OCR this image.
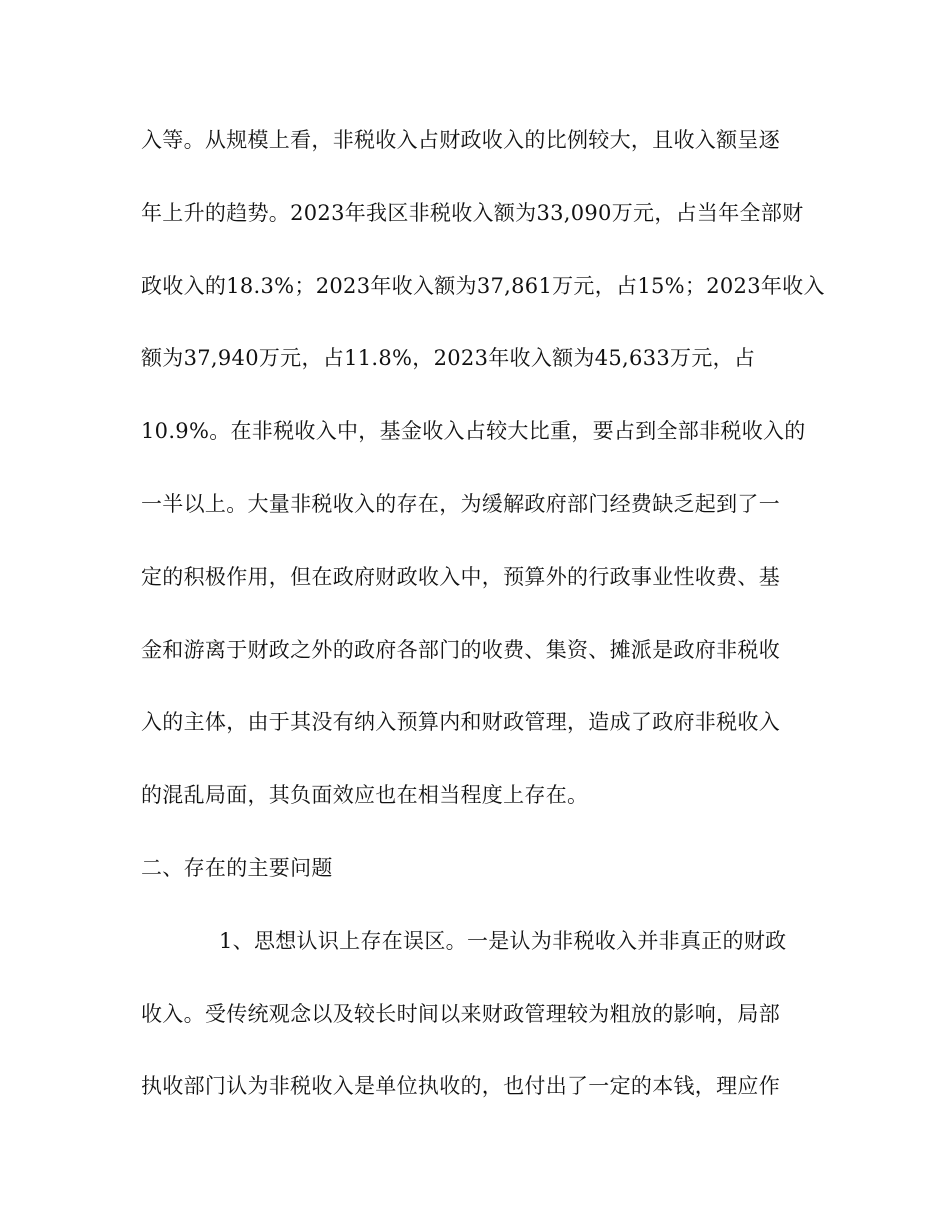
入等。从规模上看，非税收入占财政收入的比例较大，且收入额呈逐
年上升的趋势。2023年我区非税收入额为33,090万元，占当年全部财
政收入的18.3%；2023年收入额为37,861万元，占15%；2023年收入
额为37,940万元，占11.8%，2023年收入额为45,633万元，占
10.9%。在非税收入中，基金收入占较大比重，要占到全部非税收入的
一半以上。大量非税收入的存在，为缓解政府部门经费缺乏起到了一
定的积极作用，但在政府财政收入中，预算外的行政事业性收费、基
金和游离于财政之外的政府各部门的收费、集资、摊派是政府非税收
入的主体，由于其没有纳入预算内和财政管理，造成了政府非税收入
的混乱局面，其负面效应也在相当程度上存在。
二、存在的主要问题
1、思想认识上存在误区。一是认为非税收入并非真正的财政
收入。受传统观念以及较长时间以来财政管理较为粗放的影响，局部
执收部门认为非税收入是单位执收的，也付出了一定的本钱，理应作
